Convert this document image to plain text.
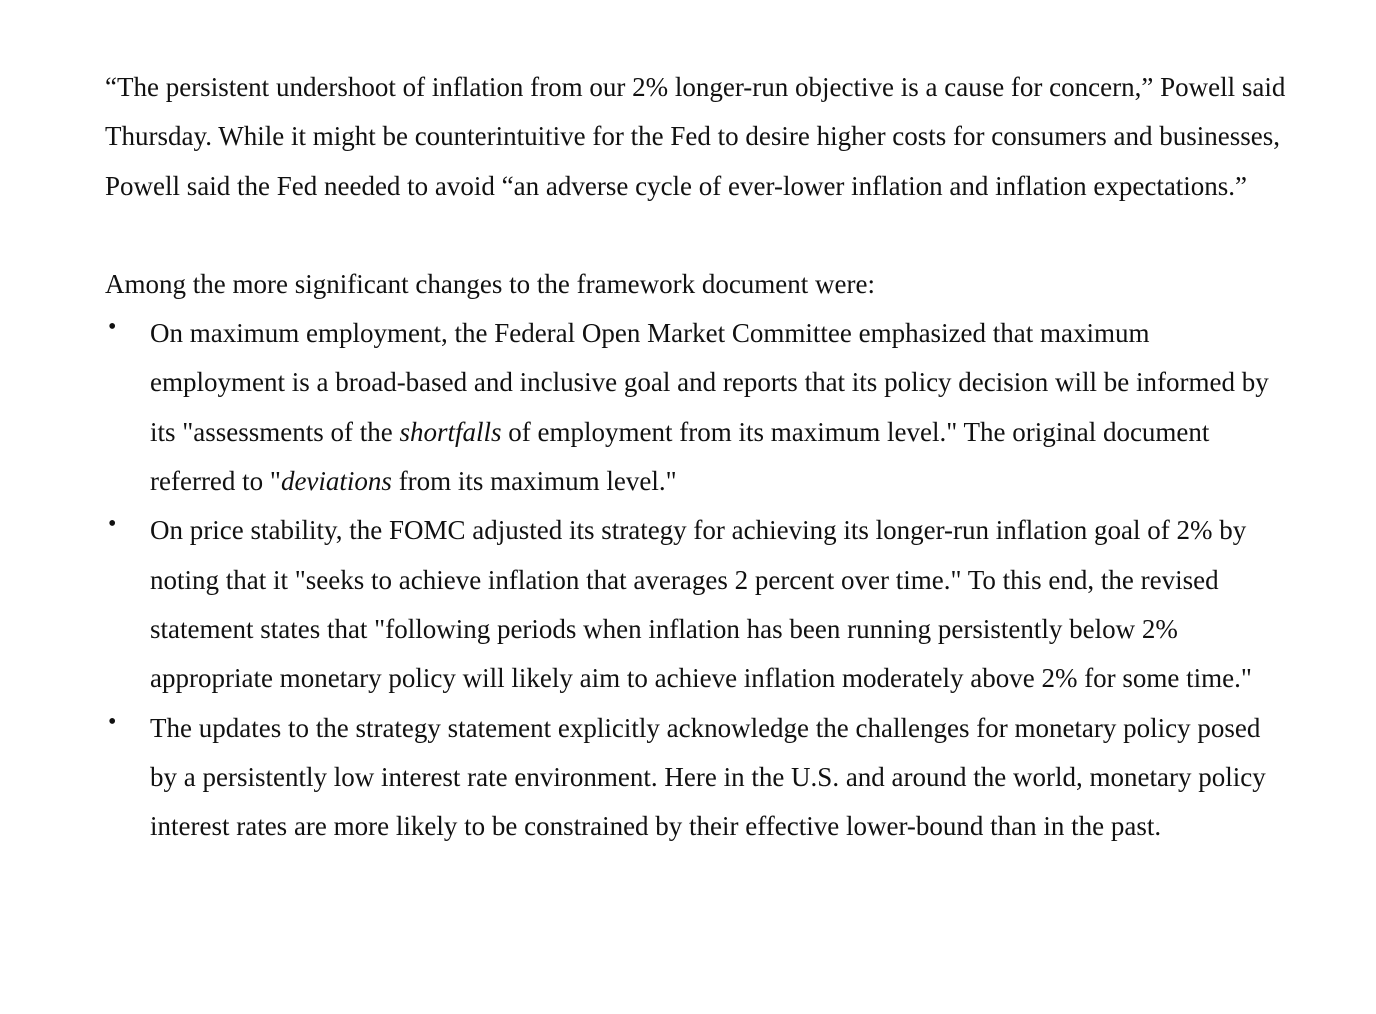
“The persistent undershoot of inflation from our 2% longer-run objective is a cause for concern,” Powell said Thursday. While it might be counterintuitive for the Fed to desire higher costs for consumers and businesses, Powell said the Fed needed to avoid “an adverse cycle of ever-lower inflation and inflation expectations.”

Among the more significant changes to the framework document were:

• On maximum employment, the Federal Open Market Committee emphasized that maximum employment is a broad-based and inclusive goal and reports that its policy decision will be informed by its "assessments of the shortfalls of employment from its maximum level." The original document referred to "deviations from its maximum level."
• On price stability, the FOMC adjusted its strategy for achieving its longer-run inflation goal of 2% by noting that it "seeks to achieve inflation that averages 2 percent over time." To this end, the revised statement states that "following periods when inflation has been running persistently below 2% appropriate monetary policy will likely aim to achieve inflation moderately above 2% for some time."
• The updates to the strategy statement explicitly acknowledge the challenges for monetary policy posed by a persistently low interest rate environment. Here in the U.S. and around the world, monetary policy interest rates are more likely to be constrained by their effective lower-bound than in the past.
